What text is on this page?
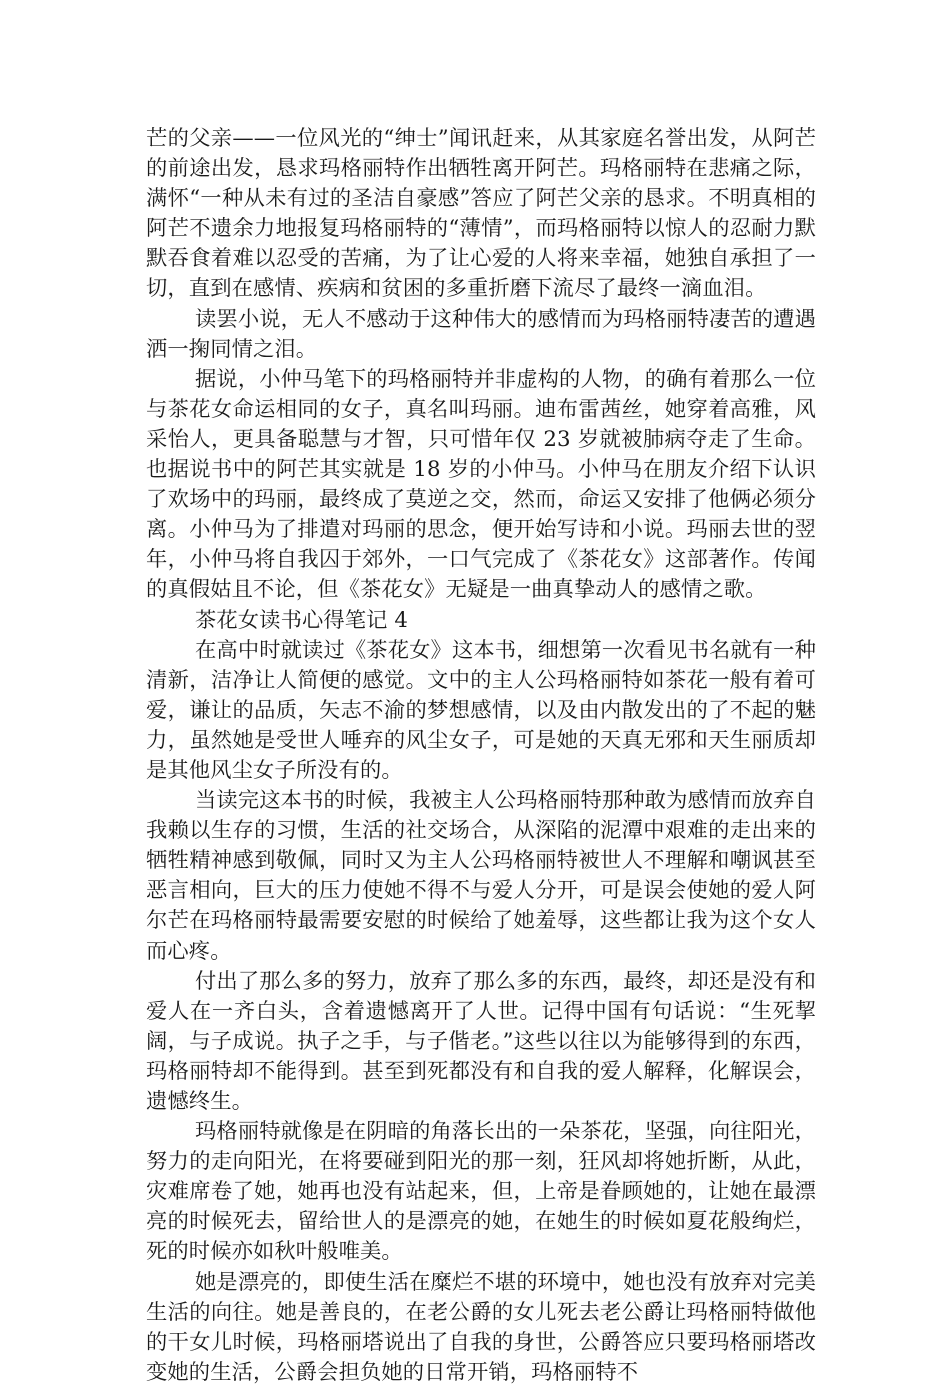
芒的父亲——一位风光的“绅士”闻讯赶来，从其家庭名誉出发，从阿芒的前途出发，恳求玛格丽特作出牺牲离开阿芒。玛格丽特在悲痛之际，满怀“一种从未有过的圣洁自豪感”答应了阿芒父亲的恳求。不明真相的阿芒不遗余力地报复玛格丽特的“薄情”，而玛格丽特以惊人的忍耐力默默吞食着难以忍受的苦痛，为了让心爱的人将来幸福，她独自承担了一切，直到在感情、疾病和贫困的多重折磨下流尽了最终一滴血泪。

读罢小说，无人不感动于这种伟大的感情而为玛格丽特凄苦的遭遇洒一掬同情之泪。

据说，小仲马笔下的玛格丽特并非虚构的人物，的确有着那么一位与茶花女命运相同的女子，真名叫玛丽。迪布雷茜丝，她穿着高雅，风采怡人，更具备聪慧与才智，只可惜年仅 23 岁就被肺病夺走了生命。也据说书中的阿芒其实就是 18 岁的小仲马。小仲马在朋友介绍下认识了欢场中的玛丽，最终成了莫逆之交，然而，命运又安排了他俩必须分离。小仲马为了排遣对玛丽的思念，便开始写诗和小说。玛丽去世的翌年，小仲马将自我囚于郊外，一口气完成了《茶花女》这部著作。传闻的真假姑且不论，但《茶花女》无疑是一曲真挚动人的感情之歌。

茶花女读书心得笔记 4

在高中时就读过《茶花女》这本书，细想第一次看见书名就有一种清新，洁净让人简便的感觉。文中的主人公玛格丽特如茶花一般有着可爱，谦让的品质，矢志不渝的梦想感情，以及由内散发出的了不起的魅力，虽然她是受世人唾弃的风尘女子，可是她的天真无邪和天生丽质却是其他风尘女子所没有的。

当读完这本书的时候，我被主人公玛格丽特那种敢为感情而放弃自我赖以生存的习惯，生活的社交场合，从深陷的泥潭中艰难的走出来的牺牲精神感到敬佩，同时又为主人公玛格丽特被世人不理解和嘲讽甚至恶言相向，巨大的压力使她不得不与爱人分开，可是误会使她的爱人阿尔芒在玛格丽特最需要安慰的时候给了她羞辱，这些都让我为这个女人而心疼。

付出了那么多的努力，放弃了那么多的东西，最终，却还是没有和爱人在一齐白头，含着遗憾离开了人世。记得中国有句话说：“生死挈阔，与子成说。执子之手，与子偕老。”这些以往以为能够得到的东西，玛格丽特却不能得到。甚至到死都没有和自我的爱人解释，化解误会，遗憾终生。

玛格丽特就像是在阴暗的角落长出的一朵茶花，坚强，向往阳光，努力的走向阳光，在将要碰到阳光的那一刻，狂风却将她折断，从此，灾难席卷了她，她再也没有站起来，但，上帝是眷顾她的，让她在最漂亮的时候死去，留给世人的是漂亮的她，在她生的时候如夏花般绚烂，死的时候亦如秋叶般唯美。

她是漂亮的，即使生活在糜烂不堪的环境中，她也没有放弃对完美生活的向往。她是善良的，在老公爵的女儿死去老公爵让玛格丽特做他的干女儿时候，玛格丽塔说出了自我的身世，公爵答应只要玛格丽塔改变她的生活，公爵会担负她的日常开销，玛格丽特不
